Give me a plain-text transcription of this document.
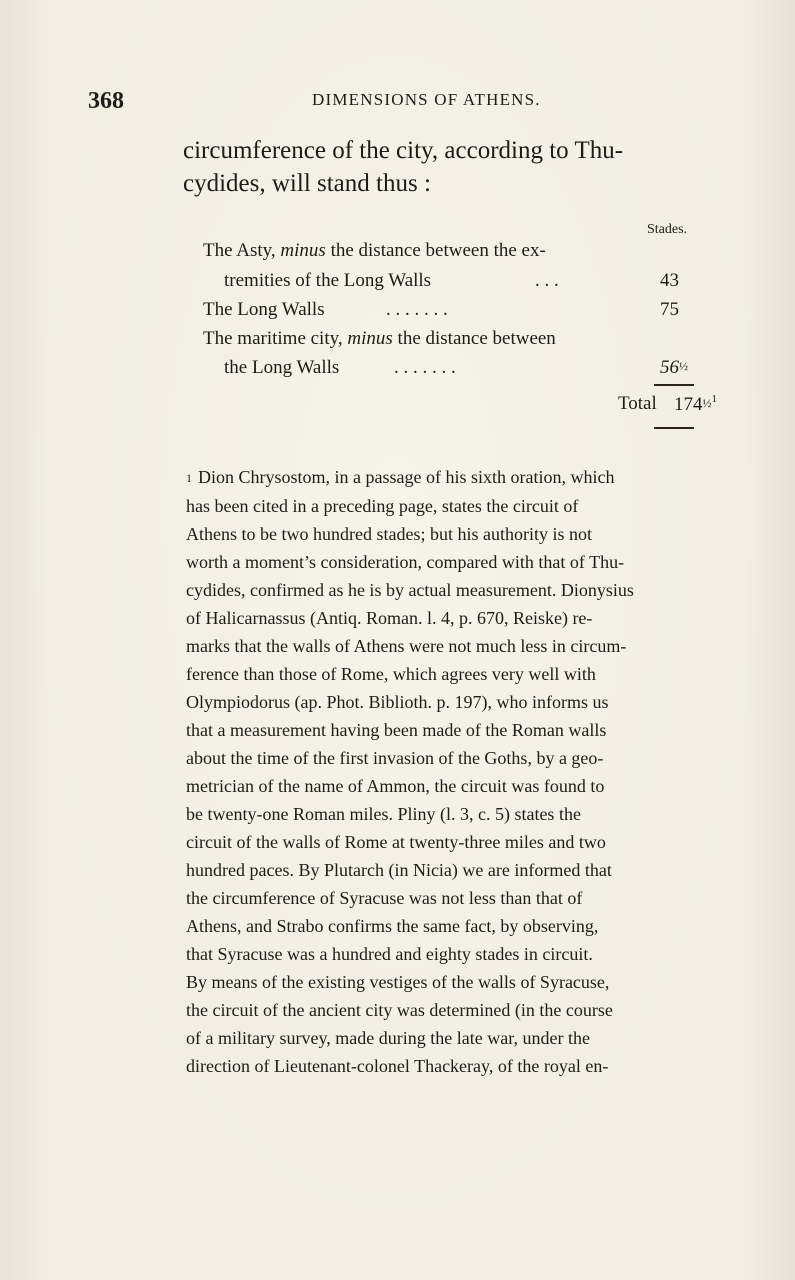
368	DIMENSIONS OF ATHENS.
circumference of the city, according to Thu-
cydides, will stand thus :
Stades.
The Asty, minus the distance between the ex-
tremities of the Long Walls	. . .	43
The Long Walls	. . . . . . .	75
The maritime city, minus the distance between
the Long Walls	. . . . . . .	56½
Total 174½$^1$
1 Dion Chrysostom, in a passage of his sixth oration, which
has been cited in a preceding page, states the circuit of
Athens to be two hundred stades; but his authority is not
worth a moment’s consideration, compared with that of Thu-
cydides, confirmed as he is by actual measurement. Dionysius
of Halicarnassus (Antiq. Roman. l. 4, p. 670, Reiske) re-
marks that the walls of Athens were not much less in circum-
ference than those of Rome, which agrees very well with
Olympiodorus (ap. Phot. Biblioth. p. 197), who informs us
that a measurement having been made of the Roman walls
about the time of the first invasion of the Goths, by a geo-
metrician of the name of Ammon, the circuit was found to
be twenty-one Roman miles. Pliny (l. 3, c. 5) states the
circuit of the walls of Rome at twenty-three miles and two
hundred paces. By Plutarch (in Nicia) we are informed that
the circumference of Syracuse was not less than that of
Athens, and Strabo confirms the same fact, by observing,
that Syracuse was a hundred and eighty stades in circuit.
By means of the existing vestiges of the walls of Syracuse,
the circuit of the ancient city was determined (in the course
of a military survey, made during the late war, under the
direction of Lieutenant-colonel Thackeray, of the royal en-
